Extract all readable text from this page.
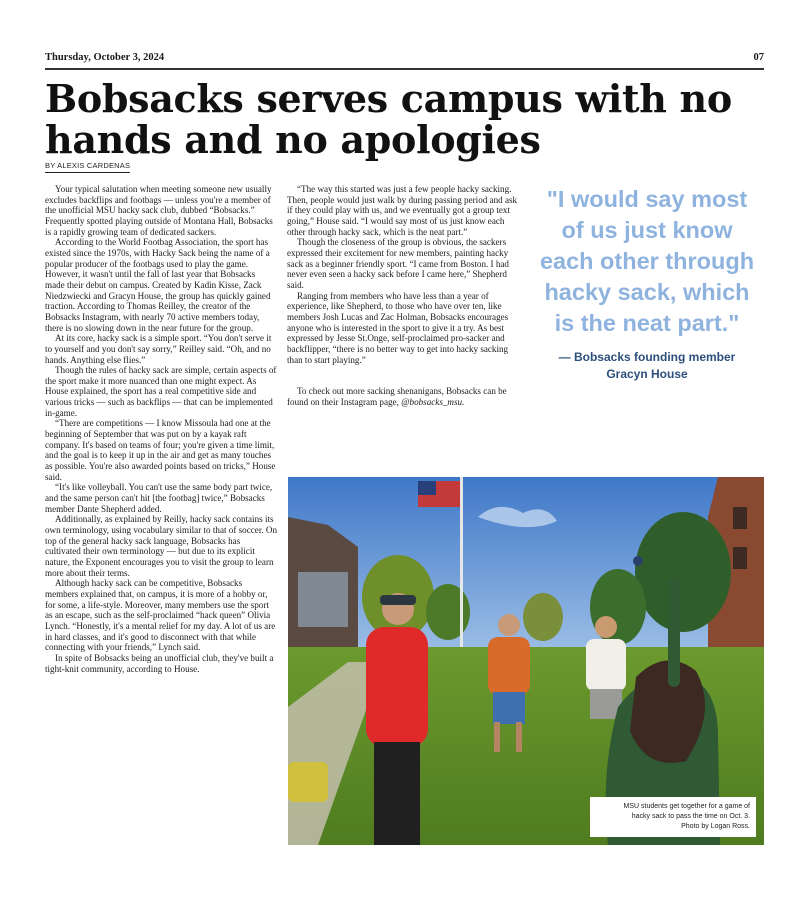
Thursday, October 3, 2024	07
Bobsacks serves campus with no hands and no apologies
BY ALEXIS CARDENAS

Your typical salutation when meeting someone new usually excludes backflips and footbags — unless you're a member of the unofficial MSU hacky sack club, dubbed “Bobsacks.” Frequently spotted playing outside of Montana Hall, Bobsacks is a rapidly growing team of dedicated sackers.

According to the World Footbag Association, the sport has existed since the 1970s, with Hacky Sack being the name of a popular producer of the footbags used to play the game. However, it wasn't until the fall of last year that Bobsacks made their debut on campus. Created by Kadin Kisse, Zack Niedzwiecki and Gracyn House, the group has quickly gained traction. According to Thomas Reilley, the creator of the Bobsacks Instagram, with nearly 70 active members today, there is no slowing down in the near future for the group.

At its core, hacky sack is a simple sport. “You don't serve it to yourself and you don't say sorry,” Reilley said. “Oh, and no hands. Anything else flies.”

Though the rules of hacky sack are simple, certain aspects of the sport make it more nuanced than one might expect. As House explained, the sport has a real competitive side and various tricks — such as backflips — that can be implemented in-game.

“There are competitions — I know Missoula had one at the beginning of September that was put on by a kayak raft company. It's based on teams of four; you're given a time limit, and the goal is to keep it up in the air and get as many touches as possible. You're also awarded points based on tricks,” House said.

“It's like volleyball. You can't use the same body part twice, and the same person can't hit [the footbag] twice,” Bobsacks member Dante Shepherd added.

Additionally, as explained by Reilly, hacky sack contains its own terminology, using vocabulary similar to that of soccer. On top of the general hacky sack language, Bobsacks has cultivated their own terminology — but due to its explicit nature, the Exponent encourages you to visit the group to learn more about their terms.

Although hacky sack can be competitive, Bobsacks members explained that, on campus, it is more of a hobby or, for some, a life-style. Moreover, many members use the sport as an escape, such as the self-proclaimed “hack queen” Olivia Lynch. “Honestly, it's a mental relief for my day. A lot of us are in hard classes, and it's good to disconnect with that while connecting with your friends,” Lynch said.

In spite of Bobsacks being an unofficial club, they've built a tight-knit community, according to House.

“The way this started was just a few people hacky sacking. Then, people would just walk by during passing period and ask if they could play with us, and we eventually got a group text going,” House said. “I would say most of us just know each other through hacky sack, which is the neat part.”

Though the closeness of the group is obvious, the sackers expressed their excitement for new members, painting hacky sack as a beginner friendly sport. “I came from Boston. I had never even seen a hacky sack before I came here,” Shepherd said.

Ranging from members who have less than a year of experience, like Shepherd, to those who have over ten, like members Josh Lucas and Zac Holman, Bobsacks encourages anyone who is interested in the sport to give it a try. As best expressed by Jesse St.Onge, self-proclaimed pro-sacker and backflipper, “there is no better way to get into hacky sacking than to start playing.”

To check out more sacking shenanigans, Bobsacks can be found on their Instagram page, @bobsacks_msu.

"I would say most of us just know each other through hacky sack, which is the neat part."
— Bobsacks founding member
Gracyn House
MSU students get together for a game of
hacky sack to pass the time on Oct. 3.
Photo by Logan Ross.
